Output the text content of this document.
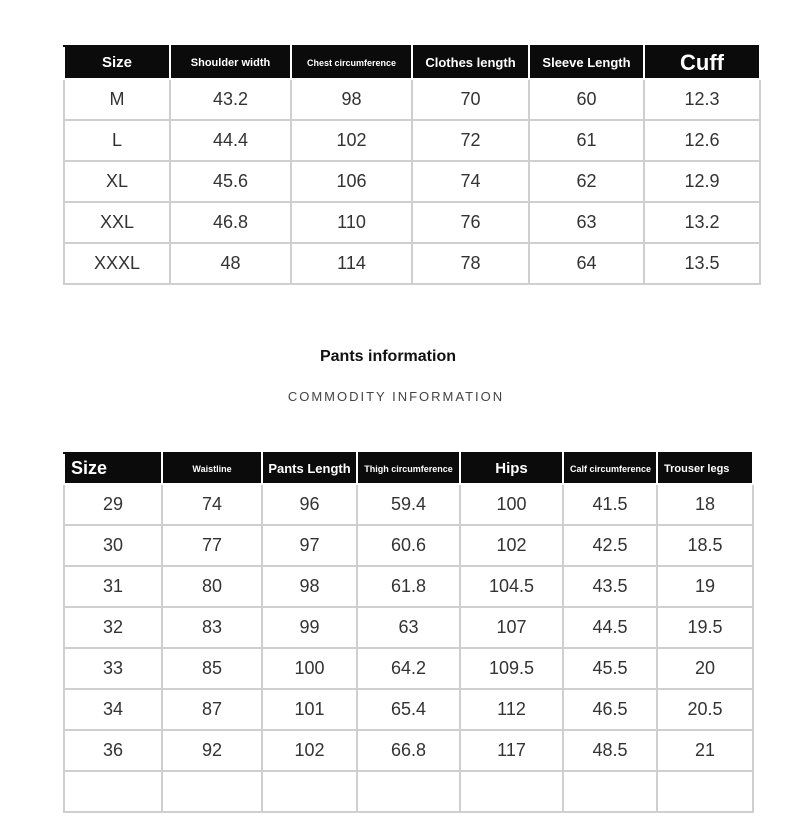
Size	Shoulder width	Chest circumference	Clothes length	Sleeve Length	Cuff
M	43.2	98	70	60	12.3
L	44.4	102	72	61	12.6
XL	45.6	106	74	62	12.9
XXL	46.8	110	76	63	13.2
XXXL	48	114	78	64	13.5
Pants information
COMMODITY INFORMATION
Size	Waistline	Pants Length	Thigh circumference	Hips	Calf circumference	Trouser legs
29	74	96	59.4	100	41.5	18
30	77	97	60.6	102	42.5	18.5
31	80	98	61.8	104.5	43.5	19
32	83	99	63	107	44.5	19.5
33	85	100	64.2	109.5	45.5	20
34	87	101	65.4	112	46.5	20.5
36	92	102	66.8	117	48.5	21
